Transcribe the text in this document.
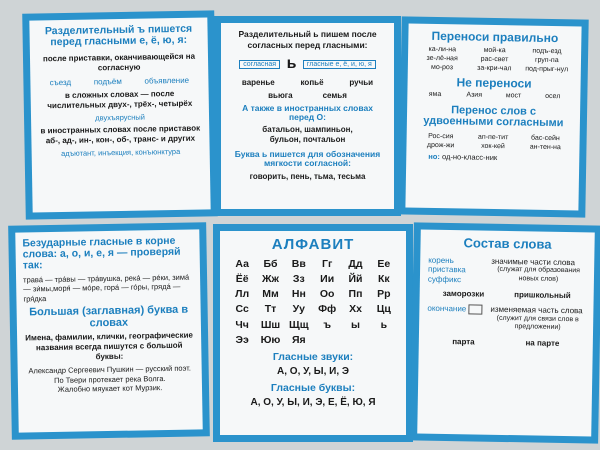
Разделительный ъ пишется перед гласными е, ё, ю, я:
после приставки, оканчивающейся на согласную
съезд	подъём	объявление
в сложных словах — после числительных двух-, трёх-, четырёх
двухъярусный
в иностранных словах после приставок аб-, ад-, ин-, кон-, об-, транс- и других
адъютант, инъекция, конъюнктура
Разделительный ь пишем после согласных перед гласными:
согласная ь гласные е, ё, и, ю, я
варенье	копьё	ручьи
вьюга	семья
А также в иностранных словах перед О:
батальон, шампиньон,
бульон, почтальон
Буква ь пишется для обозначения мягкости согласной:
говорить, пень, тьма, тесьма
Переноси правильно
ка-ли-на	мой-ка	подъ-езд
зе-лё-ная	рас-свет	груп-па
мо-роз	за-кри-чал	под-прыг-нул
Не переноси
яма	Азия	мост	осел
Перенос слов с удвоенными согласными
Рос-сия	ап-пе-тит	бас-сейн
дрож-жи	хок-кей	ан-тен-на
но: од-но-класс-ник
Безударные гласные в корне слова: а, о, и, е, я — проверяй так:
трава́ — тра́вы — тра́вушка, река́ — ре́ки, зима́ — зи́мы,моря́ — мо́ре, гора́ — го́ры, гряда́ — гря́дка
Большая (заглавная) буква в словах
Имена, фамилии, клички, географические названия всегда пишутся с большой буквы:
Александр Сергеевич Пушкин — русский поэт.
По Твери протекает река Волга.
Жалобно мяукает кот Мурзик.
АЛФАВИТ
Аа	Бб	Вв	Гг	Дд	Ее
Ёё	Жж	Зз	Ии	Йй	Кк
Лл	Мм	Нн	Оо	Пп	Рр
Сс	Тт	Уу	Фф	Хх	Цц
Чч	Шш Щщ	ъ	ы	ь
Ээ	Юю	Яя
Гласные звуки:
А, О, У, Ы, И, Э
Гласные буквы:
А, О, У, Ы, И, Э, Е, Ё, Ю, Я
Состав слова
корень
приставка
суффикс
значимые части слова
(служат для образования новых слов)
заморозки	пришкольный
окончание	изменяемая часть слова
(служит для связи слов в предложении)
парта	на парте
